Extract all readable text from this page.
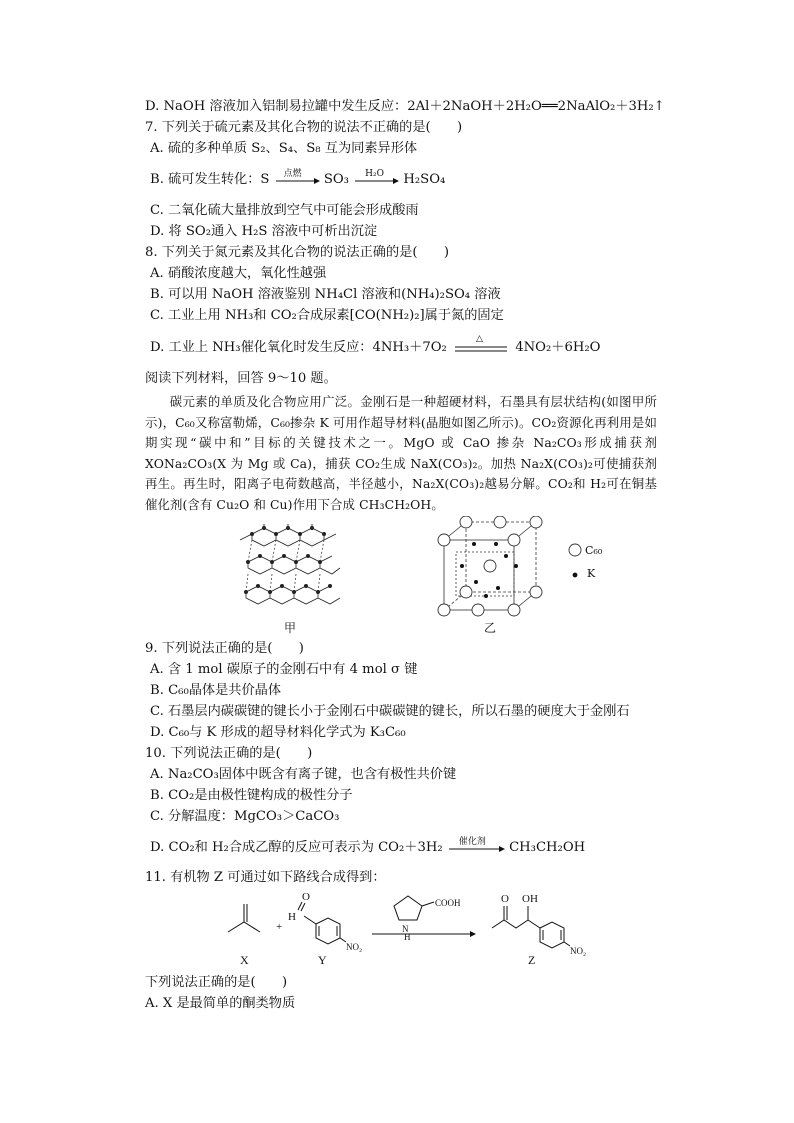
D. NaOH 溶液加入铝制易拉罐中发生反应：2Al＋2NaOH＋2H₂O══2NaAlO₂＋3H₂↑
7. 下列关于硫元素及其化合物的说法不正确的是(　　)
A. 硫的多种单质 S₂、S₄、S₈ 互为同素异形体
B. 硫可发生转化：S 点燃 SO₃ H₂O H₂SO₄
C. 二氧化硫大量排放到空气中可能会形成酸雨
D. 将 SO₂通入 H₂S 溶液中可析出沉淀
8. 下列关于氮元素及其化合物的说法正确的是(　　)
A. 硝酸浓度越大，氧化性越强
B. 可以用 NaOH 溶液鉴别 NH₄Cl 溶液和(NH₄)₂SO₄ 溶液
C. 工业上用 NH₃和 CO₂合成尿素[CO(NH₂)₂]属于氮的固定
D. 工业上 NH₃催化氧化时发生反应：4NH₃＋7O₂
△
4NO₂＋6H₂O
阅读下列材料，回答 9～10 题。
碳元素的单质及化合物应用广泛。金刚石是一种超硬材料，石墨具有层状结构(如图甲所示)，C₆₀又称富勒烯，C₆₀掺杂 K 可用作超导材料(晶胞如图乙所示)。CO₂资源化再利用是如期实现“碳中和”目标的关键技术之一。MgO 或 CaO 掺杂 Na₂CO₃形成捕获剂 XONa₂CO₃(X 为 Mg 或 Ca)，捕获 CO₂生成 NaX(CO₃)₂。加热 Na₂X(CO₃)₂可使捕获剂再生。再生时，阳离子电荷数越高，半径越小，Na₂X(CO₃)₂越易分解。CO₂和 H₂可在铜基催化剂(含有 Cu₂O 和 Cu)作用下合成 CH₃CH₂OH。
甲	乙
C₆₀
K
9. 下列说法正确的是(　　)
A. 含 1 mol 碳原子的金刚石中有 4 mol σ 键
B. C₆₀晶体是共价晶体
C. 石墨层内碳碳键的键长小于金刚石中碳碳键的键长，所以石墨的硬度大于金刚石
D. C₆₀与 K 形成的超导材料化学式为 K₃C₆₀
10. 下列说法正确的是(　　)
A. Na₂CO₃固体中既含有离子键，也含有极性共价键
B. CO₂是由极性键构成的极性分子
C. 分解温度：MgCO₃＞CaCO₃
D. CO₂和 H₂合成乙醇的反应可表示为 CO₂＋3H₂ 催化剂 CH₃CH₂OH
11. 有机物 Z 可通过如下路线合成得到：
+
H
O
NO₂
N
H
COOH	O OH
NO₂
X	Y	Z
下列说法正确的是(　　)
A. X 是最简单的酮类物质
